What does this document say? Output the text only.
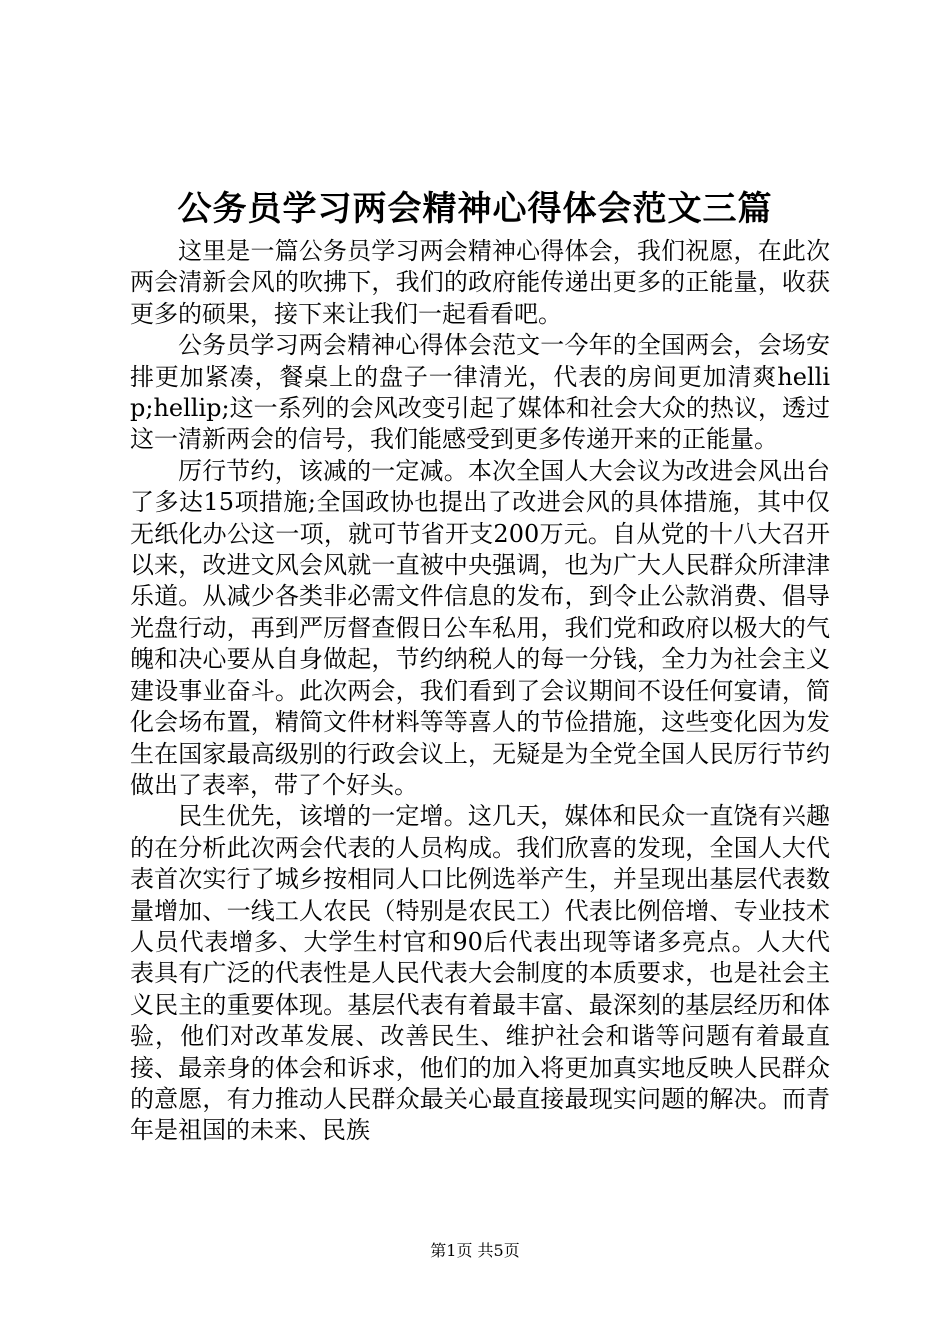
公务员学习两会精神心得体会范文三篇

这里是一篇公务员学习两会精神心得体会，我们祝愿，在此次两会清新会风的吹拂下，我们的政府能传递出更多的正能量，收获更多的硕果，接下来让我们一起看看吧。

公务员学习两会精神心得体会范文一今年的全国两会，会场安排更加紧凑，餐桌上的盘子一律清光，代表的房间更加清爽hellip;hellip;这一系列的会风改变引起了媒体和社会大众的热议，透过这一清新两会的信号，我们能感受到更多传递开来的正能量。

厉行节约，该减的一定减。本次全国人大会议为改进会风出台了多达15项措施;全国政协也提出了改进会风的具体措施，其中仅无纸化办公这一项，就可节省开支200万元。自从党的十八大召开以来，改进文风会风就一直被中央强调，也为广大人民群众所津津乐道。从减少各类非必需文件信息的发布，到令止公款消费、倡导光盘行动，再到严厉督查假日公车私用，我们党和政府以极大的气魄和决心要从自身做起，节约纳税人的每一分钱，全力为社会主义建设事业奋斗。此次两会，我们看到了会议期间不设任何宴请，简化会场布置，精简文件材料等等喜人的节俭措施，这些变化因为发生在国家最高级别的行政会议上，无疑是为全党全国人民厉行节约做出了表率，带了个好头。

民生优先，该增的一定增。这几天，媒体和民众一直饶有兴趣的在分析此次两会代表的人员构成。我们欣喜的发现，全国人大代表首次实行了城乡按相同人口比例选举产生，并呈现出基层代表数量增加、一线工人农民（特别是农民工）代表比例倍增、专业技术人员代表增多、大学生村官和90后代表出现等诸多亮点。人大代表具有广泛的代表性是人民代表大会制度的本质要求，也是社会主义民主的重要体现。基层代表有着最丰富、最深刻的基层经历和体验，他们对改革发展、改善民生、维护社会和谐等问题有着最直接、最亲身的体会和诉求，他们的加入将更加真实地反映人民群众的意愿，有力推动人民群众最关心最直接最现实问题的解决。而青年是祖国的未来、民族

第1页 共5页
